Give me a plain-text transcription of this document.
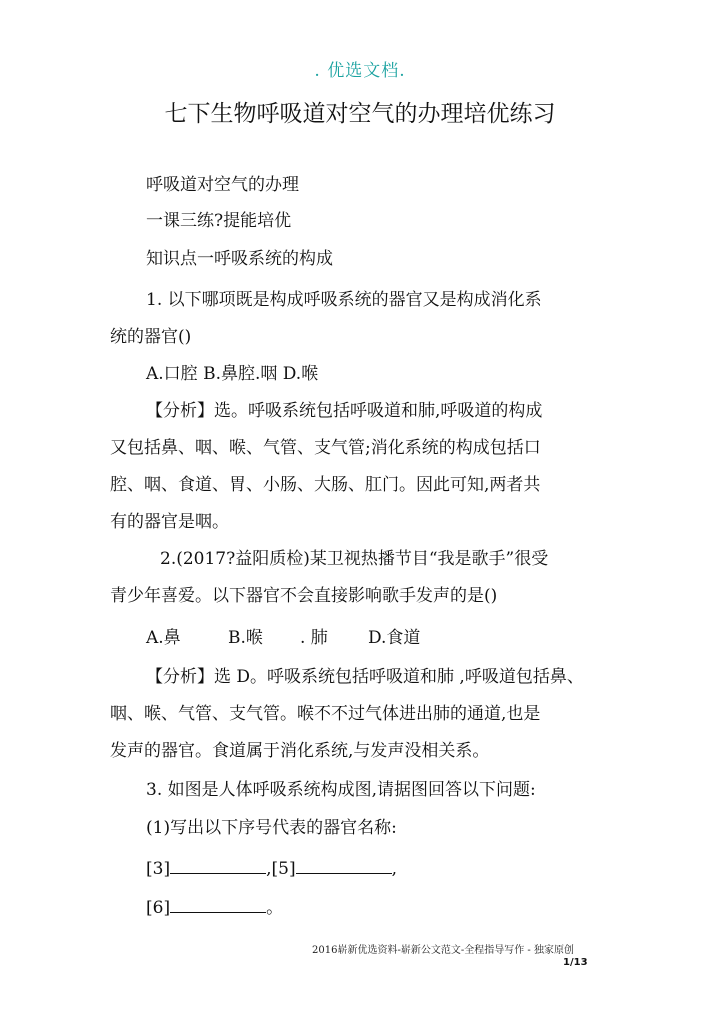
. 优选文档.
七下生物呼吸道对空气的办理培优练习
呼吸道对空气的办理
一课三练?提能培优
知识点一呼吸系统的构成
1. 以下哪项既是构成呼吸系统的器官又是构成消化系
统的器官()
A.口腔 B.鼻腔.咽 D.喉
【分析】选。呼吸系统包括呼吸道和肺,呼吸道的构成
又包括鼻、咽、喉、气管、支气管;消化系统的构成包括口
腔、咽、食道、胃、小肠、大肠、肛门。因此可知,两者共
有的器官是咽。
2.(2017?益阳质检)某卫视热播节目“我是歌手”很受
青少年喜爱。以下器官不会直接影响歌手发声的是()
A.鼻	B.喉 . 肺 D.食道
【分析】选 D。呼吸系统包括呼吸道和肺 ,呼吸道包括鼻、
咽、喉、气管、支气管。喉不不过气体进出肺的通道,也是
发声的器官。食道属于消化系统,与发声没相关系。
3. 如图是人体呼吸系统构成图,请据图回答以下问题:
(1)写出以下序号代表的器官名称:
[3]	,[5]	,
[6]	。
2016崭新优选资料-崭新公文范文-全程指导写作 - 独家原创
1/13
